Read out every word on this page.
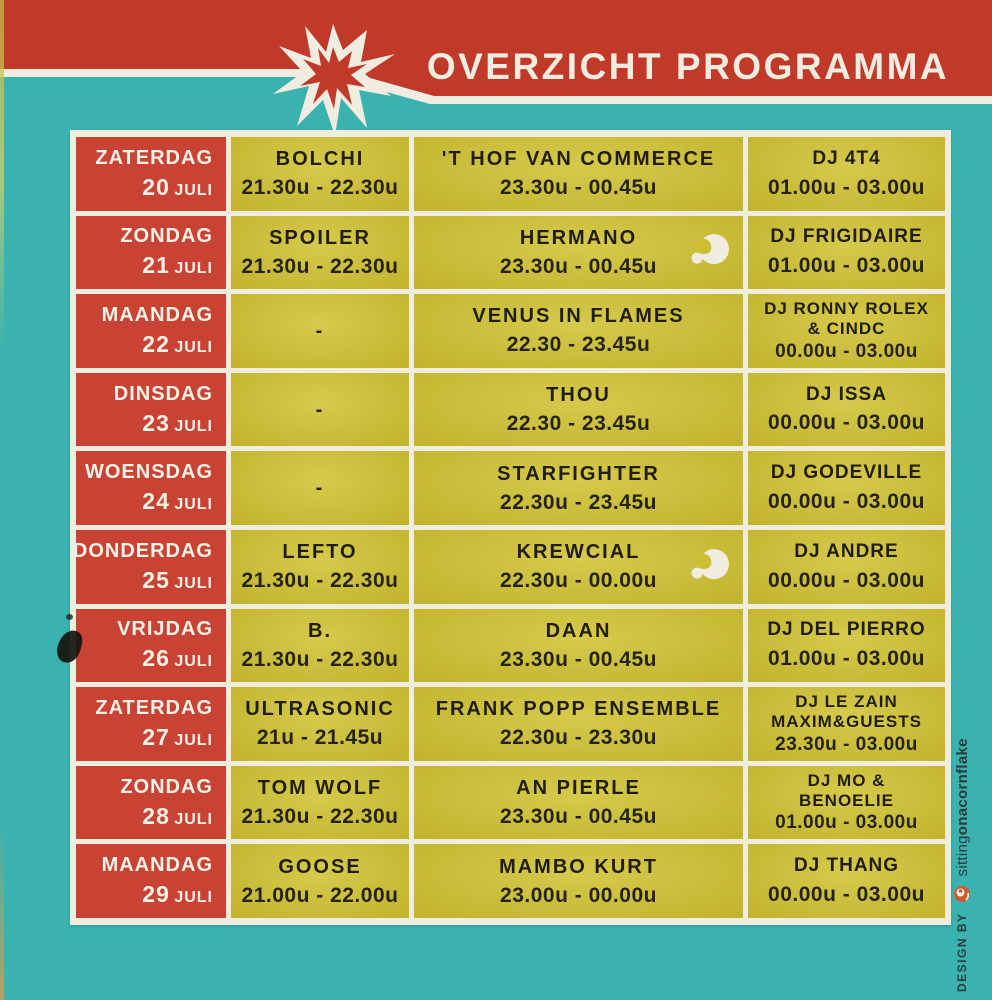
OVERZICHT PROGRAMMA
ZATERDAG
20 JULI
BOLCHI
21.30u - 22.30u
'T HOF VAN COMMERCE
23.30u - 00.45u
DJ 4T4
01.00u - 03.00u
ZONDAG
21 JULI
SPOILER
21.30u - 22.30u
HERMANO
23.30u - 00.45u
DJ FRIGIDAIRE
01.00u - 03.00u
MAANDAG
22 JULI
-
VENUS IN FLAMES
22.30 - 23.45u
DJ RONNY ROLEX
& CINDC
00.00u - 03.00u
DINSDAG
23 JULI
-
THOU
22.30 - 23.45u
DJ ISSA
00.00u - 03.00u
WOENSDAG
24 JULI
-
STARFIGHTER
22.30u - 23.45u
DJ GODEVILLE
00.00u - 03.00u
DONDERDAG
25 JULI
LEFTO
21.30u - 22.30u
KREWCIAL
22.30u - 00.00u
DJ ANDRE
00.00u - 03.00u
VRIJDAG
26 JULI
B.
21.30u - 22.30u
DAAN
23.30u - 00.45u
DJ DEL PIERRO
01.00u - 03.00u
ZATERDAG
27 JULI
ULTRASONIC
21u - 21.45u
FRANK POPP ENSEMBLE
22.30u - 23.30u
DJ LE ZAIN
MAXIM&GUESTS
23.30u - 03.00u
ZONDAG
28 JULI
TOM WOLF
21.30u - 22.30u
AN PIERLE
23.30u - 00.45u
DJ MO &
BENOELIE
01.00u - 03.00u
MAANDAG
29 JULI
GOOSE
21.00u - 22.00u
MAMBO KURT
23.00u - 00.00u
DJ THANG
00.00u - 03.00u
DESIGN BY
sittingonacornflake
